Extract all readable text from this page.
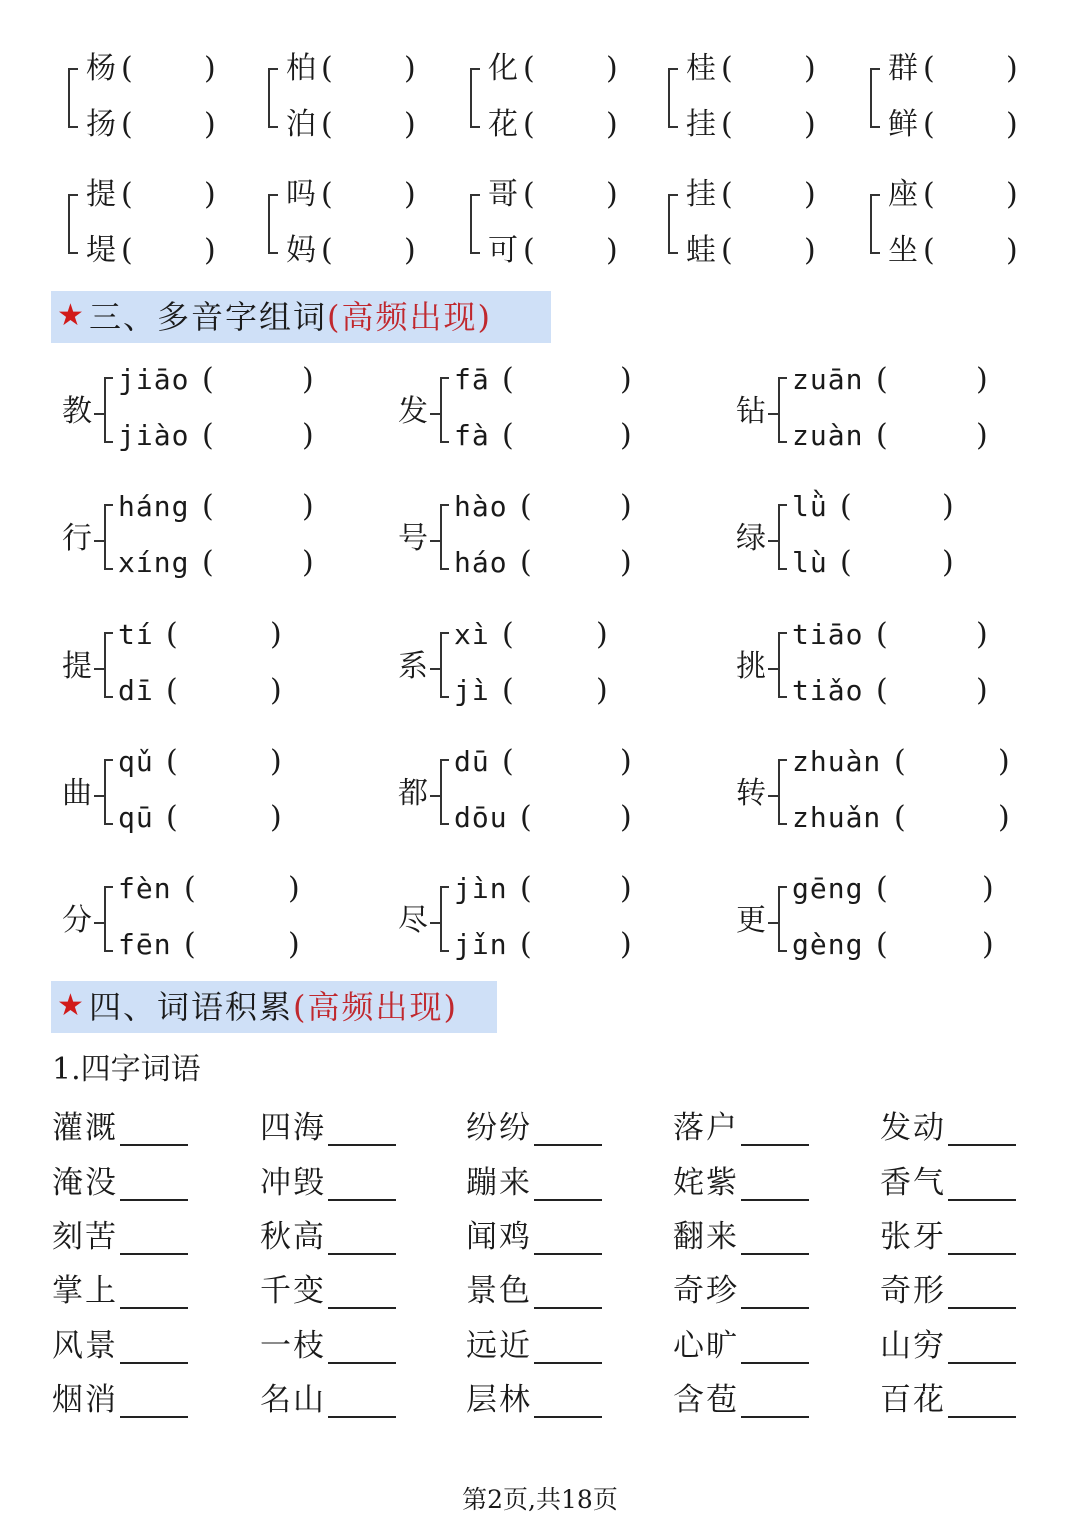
杨 ( )
扬 ( )
柏 ( )
泊 ( )
化 ( )
花 ( )
桂 ( )
挂 ( )
群 ( )
鲜 ( )
提 ( )
堤 ( )
吗 ( )
妈 ( )
哥 ( )
可 ( )
挂 ( )
蛙 ( )
座 ( )
坐 ( )
★ 三、多音字组词(高频出现)
教
jiāo (	)
jiào (	)
发
fā (	)
fà (	)
钻
zuān (	)
zuàn (	)
行
háng (	)
xíng (	)
号
hào (	)
háo (	)
绿
lǜ (	)
lù (	)
提
tí (	)
dī (	)
系
xì (	)
jì (	)
挑
tiāo (	)
tiǎo (	)
曲
qǔ (	)
qū (	)
都
dū (	)
dōu (	)
转
zhuàn (	)
zhuǎn (	)
分
fèn (	)
fēn (	)
尽
jìn (	)
jǐn (	)
更
gēng (	)
gèng (	)
★ 四、词语积累(高频出现)
1.四字词语
灌溉	四海	纷纷	落户	发动
淹没	冲毁	蹦来	姹紫	香气
刻苦	秋高	闻鸡	翻来	张牙
掌上	千变	景色	奇珍	奇形
风景	一枝	远近	心旷	山穷
烟消	名山	层林	含苞	百花
第2页,共18页
